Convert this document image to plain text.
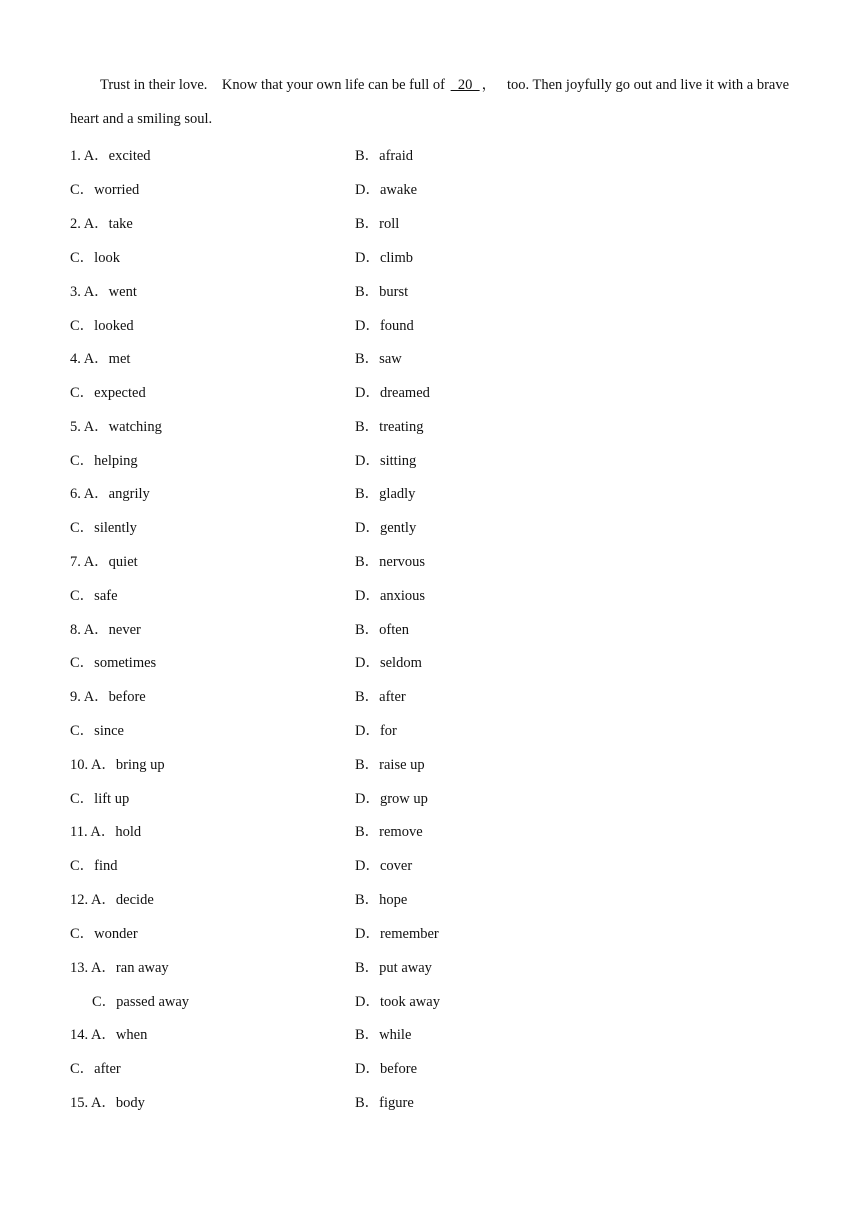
Trust in their love.    Know that your own life can be full of   20  ，   too. Then joyfully go out and live it with a brave heart and a smiling soul.

1. A．excited	B．afraid
C．worried	D．awake
2. A．take	B．roll
C．look	D．climb
3. A．went	B．burst
C．looked	D．found
4. A．met	B．saw
C．expected	D．dreamed
5. A．watching	B．treating
C．helping	D．sitting
6. A．angrily	B．gladly
C．silently	D．gently
7. A．quiet	B．nervous
C．safe	D．anxious
8. A．never	B．often
C．sometimes	D．seldom
9. A．before	B．after
C．since	D．for
10. A．bring up	B．raise up
C．lift up	D．grow up
11. A．hold	B．remove
C．find	D．cover
12. A．decide	B．hope
C．wonder	D．remember
13. A．ran away	B．put away
C．passed away	D．took away
14. A．when	B．while
C．after	D．before
15. A．body	B．figure
